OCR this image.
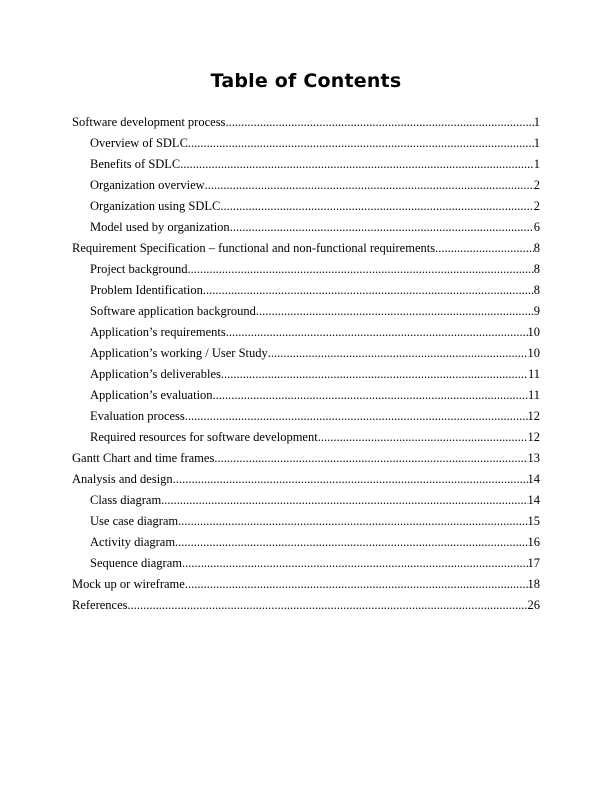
Table of Contents
Software development process .....	1
Overview of SDLC .....	1
Benefits of SDLC .....	1
Organization overview .....	2
Organization using SDLC .....	2
Model used by organization .....	6
Requirement Specification – functional and non-functional requirements .....	8
Project background .....	8
Problem Identification .....	8
Software application background .....	9
Application’s requirements .....	10
Application’s working / User Study .....	10
Application’s deliverables .....	11
Application’s evaluation .....	11
Evaluation process .....	12
Required resources for software development .....	12
Gantt Chart and time frames .....	13
Analysis and design .....	14
Class diagram .....	14
Use case diagram .....	15
Activity diagram .....	16
Sequence diagram .....	17
Mock up or wireframe .....	18
References .....	26
